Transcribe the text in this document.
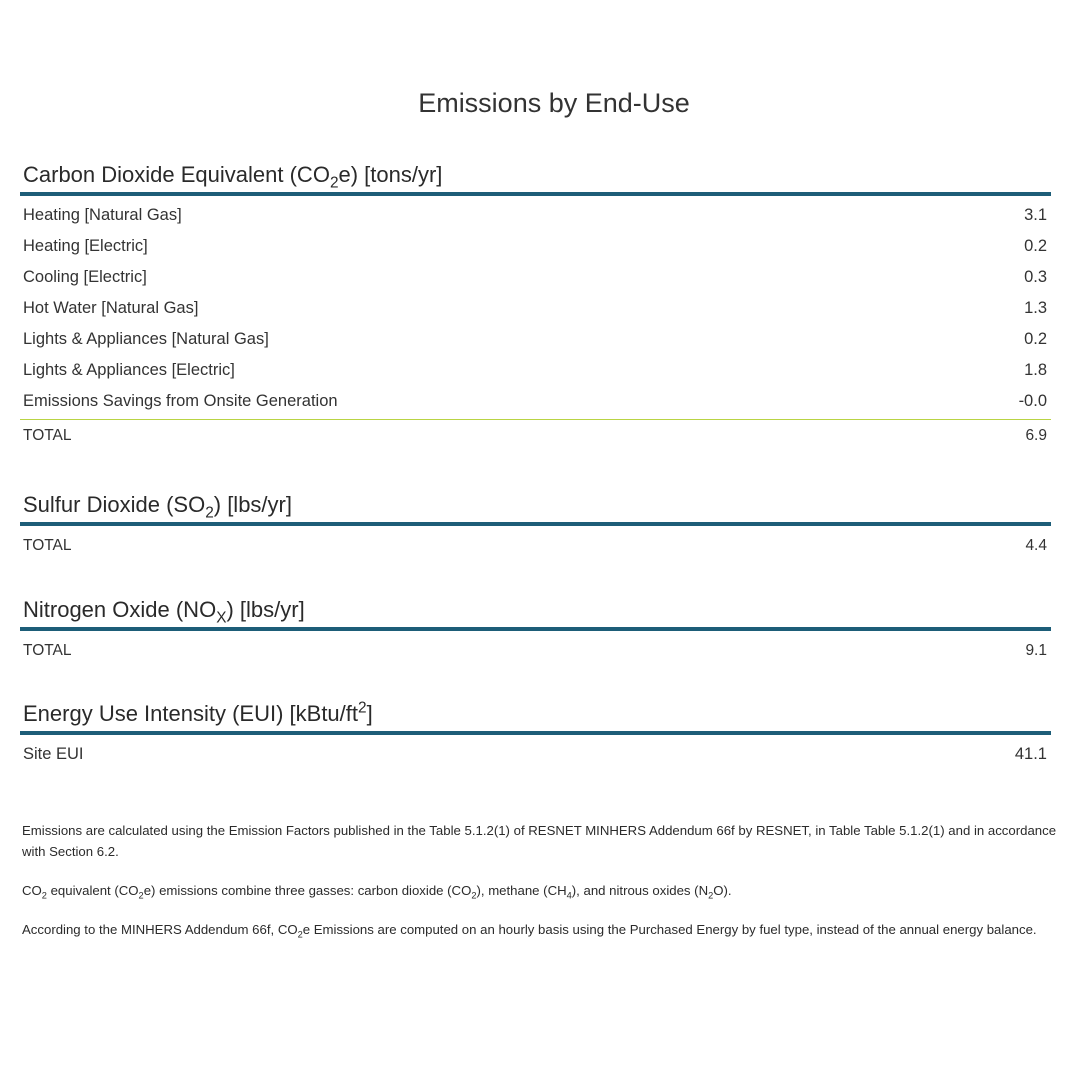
Emissions by End-Use
Carbon Dioxide Equivalent $(CO_2e)$ [tons/yr]
Heating [Natural Gas]	3.1
Heating [Electric]	0.2
Cooling [Electric]	0.3
Hot Water [Natural Gas]	1.3
Lights & Appliances [Natural Gas]	0.2
Lights & Appliances [Electric]	1.8
Emissions Savings from Onsite Generation	-0.0
TOTAL	6.9
Sulfur Dioxide $(SO_2)$ [lbs/yr]
TOTAL	4.4
Nitrogen Oxide $(NO_X)$ [lbs/yr]
TOTAL	9.1
Energy Use Intensity (EUI) $[kBtu/ft^2]$
Site EUI	41.1

Emissions are calculated using the Emission Factors published in the Table 5.1.2(1) of RESNET MINHERS Addendum 66f by RESNET, in Table Table 5.1.2(1) and in accordance with Section 6.2.

$CO_2$ equivalent $(CO_2e)$ emissions combine three gasses: carbon dioxide $(CO_2)$, methane $(CH_4)$, and nitrous oxides $(N_2O)$.

According to the MINHERS Addendum 66f, $CO_2e$ Emissions are computed on an hourly basis using the Purchased Energy by fuel type, instead of the annual energy balance.
